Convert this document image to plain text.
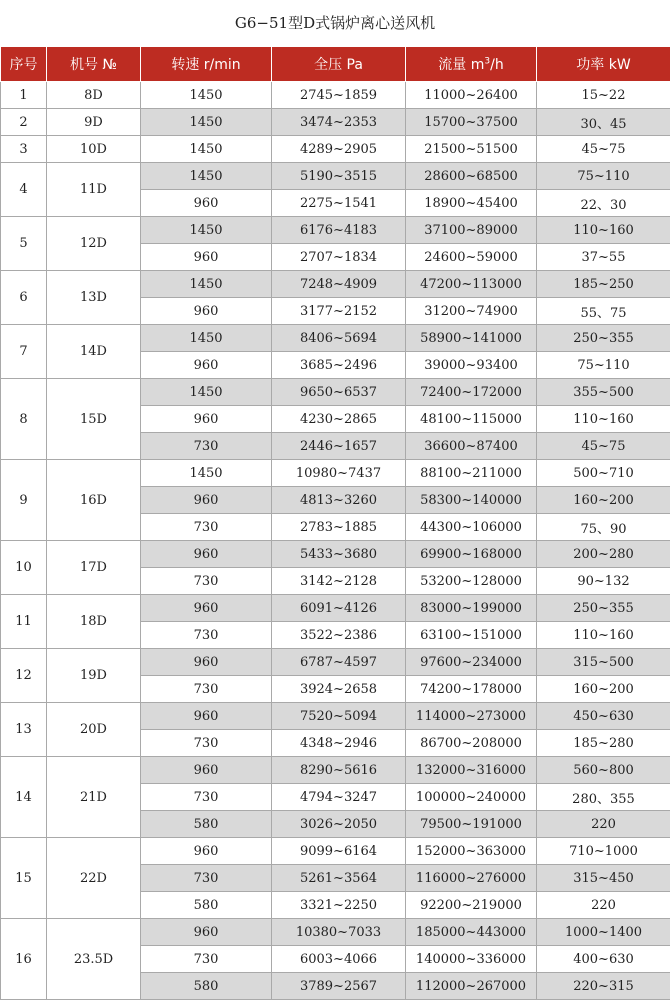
G6−51型D式锅炉离心送风机
序号	机号 №	转速 r/min	全压 Pa	流量 $m^3/h$	功率 kW
1	8D	1450	2745~1859	11000~26400	15~22
2	9D	1450	3474~2353	15700~37500	30、45
3	10D	1450	4289~2905	21500~51500	45~75
4	11D	1450	5190~3515	28600~68500	75~110
		960	2275~1541	18900~45400	22、30
5	12D	1450	6176~4183	37100~89000	110~160
		960	2707~1834	24600~59000	37~55
6	13D	1450	7248~4909	47200~113000	185~250
		960	3177~2152	31200~74900	55、75
7	14D	1450	8406~5694	58900~141000	250~355
		960	3685~2496	39000~93400	75~110
8	15D	1450	9650~6537	72400~172000	355~500
		960	4230~2865	48100~115000	110~160
		730	2446~1657	36600~87400	45~75
9	16D	1450	10980~7437	88100~211000	500~710
		960	4813~3260	58300~140000	160~200
		730	2783~1885	44300~106000	75、90
10	17D	960	5433~3680	69900~168000	200~280
		730	3142~2128	53200~128000	90~132
11	18D	960	6091~4126	83000~199000	250~355
		730	3522~2386	63100~151000	110~160
12	19D	960	6787~4597	97600~234000	315~500
		730	3924~2658	74200~178000	160~200
13	20D	960	7520~5094	114000~273000	450~630
		730	4348~2946	86700~208000	185~280
14	21D	960	8290~5616	132000~316000	560~800
		730	4794~3247	100000~240000	280、355
		580	3026~2050	79500~191000	220
15	22D	960	9099~6164	152000~363000	710~1000
		730	5261~3564	116000~276000	315~450
		580	3321~2250	92200~219000	220
16	23.5D	960	10380~7033	185000~443000	1000~1400
		730	6003~4066	140000~336000	400~630
		580	3789~2567	112000~267000	220~315
